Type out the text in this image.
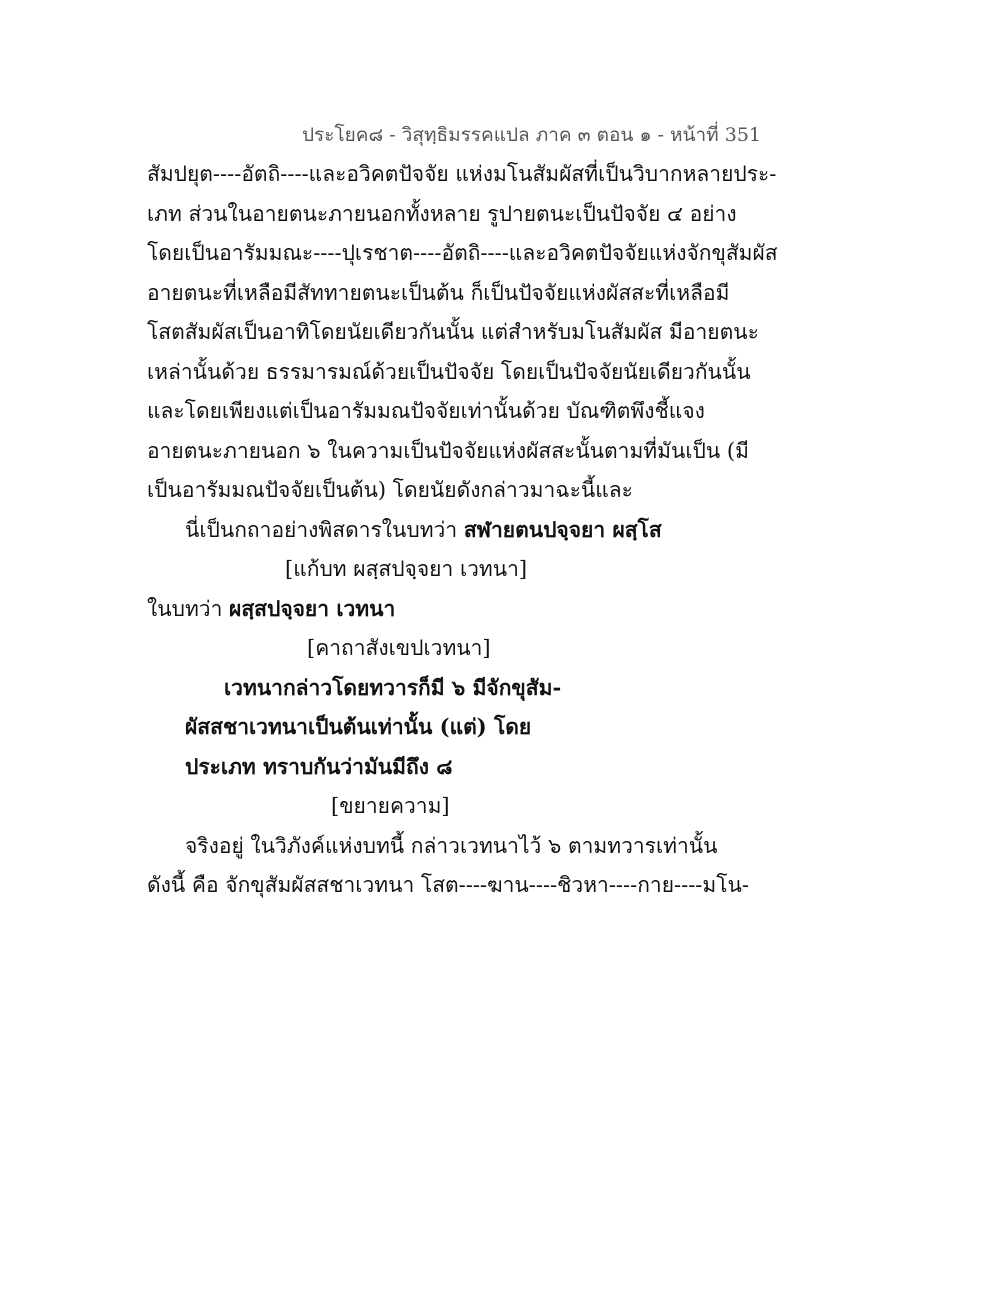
ประโยค๘ - วิสุทฺธิมรรคแปล ภาค ๓ ตอน ๑ - หน้าที่ 351
สัมปยุต----อัตถิ----และอวิคตปัจจัย แห่งมโนสัมผัสที่เป็นวิบากหลายประ-
เภท ส่วนในอายตนะภายนอกทั้งหลาย รูปายตนะเป็นปัจจัย ๔ อย่าง
โดยเป็นอารัมมณะ----ปุเรชาต----อัตถิ----และอวิคตปัจจัยแห่งจักขุสัมผัส
อายตนะที่เหลือมีสัททายตนะเป็นต้น ก็เป็นปัจจัยแห่งผัสสะที่เหลือมี
โสตสัมผัสเป็นอาทิโดยนัยเดียวกันนั้น แต่สำหรับมโนสัมผัส มีอายตนะ
เหล่านั้นด้วย ธรรมารมณ์ด้วยเป็นปัจจัย โดยเป็นปัจจัยนัยเดียวกันนั้น
และโดยเพียงแต่เป็นอารัมมณปัจจัยเท่านั้นด้วย บัณฑิตพึงชี้แจง
อายตนะภายนอก ๖ ในความเป็นปัจจัยแห่งผัสสะนั้นตามที่มันเป็น (มี
เป็นอารัมมณปัจจัยเป็นต้น) โดยนัยดังกล่าวมาฉะนี้และ
นี่เป็นกถาอย่างพิสดารในบทว่า สฬายตนปจฺจยา ผสฺโส
[แก้บท ผสฺสปจฺจยา เวทนา]
ในบทว่า ผสฺสปจฺจยา เวทนา
[คาถาสังเขปเวทนา]
เวทนากล่าวโดยทวารก็มี ๖ มีจักขุสัม-
ผัสสชาเวทนาเป็นต้นเท่านั้น (แต่) โดย
ประเภท ทราบกันว่ามันมีถึง ๘
[ขยายความ]
จริงอยู่ ในวิภังค์แห่งบทนี้ กล่าวเวทนาไว้ ๖ ตามทวารเท่านั้น
ดังนี้ คือ จักขุสัมผัสสชาเวทนา โสต----ฆาน----ชิวหา----กาย----มโน-
